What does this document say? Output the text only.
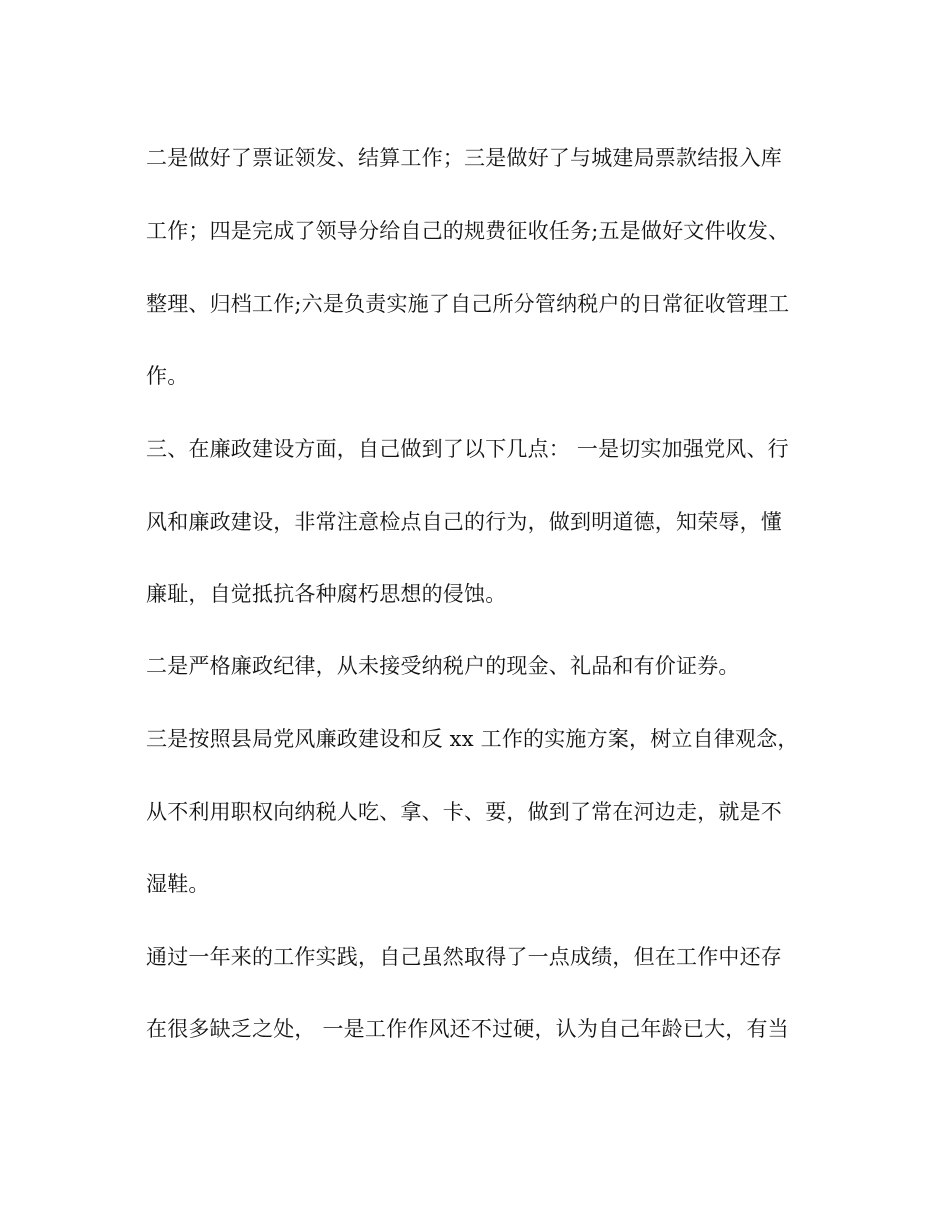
二是做好了票证领发、结算工作；三是做好了与城建局票款结报入库
工作；四是完成了领导分给自己的规费征收任务;五是做好文件收发、
整理、归档工作;六是负责实施了自己所分管纳税户的日常征收管理工
作。
三、在廉政建设方面，自己做到了以下几点： 一是切实加强党风、行
风和廉政建设，非常注意检点自己的行为，做到明道德，知荣辱，懂
廉耻，自觉抵抗各种腐朽思想的侵蚀。
二是严格廉政纪律，从未接受纳税户的现金、礼品和有价证券。
三是按照县局党风廉政建设和反 xx 工作的实施方案，树立自律观念，
从不利用职权向纳税人吃、拿、卡、要，做到了常在河边走，就是不
湿鞋。
通过一年来的工作实践，自己虽然取得了一点成绩，但在工作中还存
在很多缺乏之处， 一是工作作风还不过硬，认为自己年龄已大，有当
